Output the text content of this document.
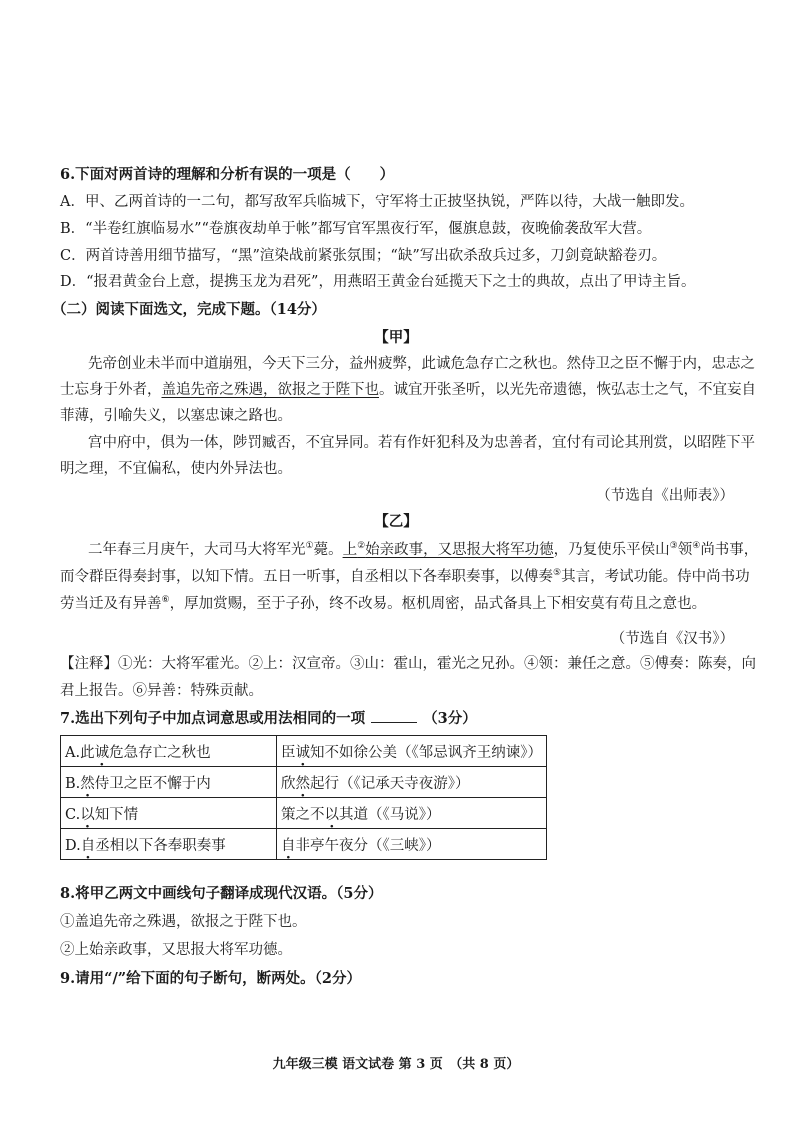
6.下面对两首诗的理解和分析有误的一项是（　　）
A．甲、乙两首诗的一二句，都写敌军兵临城下，守军将士正披坚执锐，严阵以待，大战一触即发。
B．“半卷红旗临易水”“卷旗夜劫单于帐”都写官军黑夜行军，偃旗息鼓，夜晚偷袭敌军大营。
C．两首诗善用细节描写，“黑”渲染战前紧张氛围；“缺”写出砍杀敌兵过多，刀剑竟缺豁卷刃。
D．“报君黄金台上意，提携玉龙为君死”，用燕昭王黄金台延揽天下之士的典故，点出了甲诗主旨。
（二）阅读下面选文，完成下题。（14分）
【甲】
先帝创业未半而中道崩殂，今天下三分，益州疲弊，此诚危急存亡之秋也。然侍卫之臣不懈于内，忠志之
士忘身于外者，盖追先帝之殊遇，欲报之于陛下也。诚宜开张圣听，以光先帝遗德，恢弘志士之气，不宜妄自
菲薄，引喻失义，以塞忠谏之路也。
宫中府中，俱为一体，陟罚臧否，不宜异同。若有作奸犯科及为忠善者，宜付有司论其刑赏，以昭陛下平
明之理，不宜偏私，使内外异法也。
（节选自《出师表》）
【乙】
二年春三月庚午，大司马大将军光①薨。上②始亲政事，又思报大将军功德，乃复使乐平侯山③领④尚书事，
而令群臣得奏封事，以知下情。五日一听事，自丞相以下各奉职奏事，以傅奏⑤其言，考试功能。侍中尚书功
劳当迁及有异善⑥，厚加赏赐，至于子孙，终不改易。枢机周密，品式备具上下相安莫有苟且之意也。
（节选自《汉书》）
【注释】①光：大将军霍光。②上：汉宣帝。③山：霍山，霍光之兄孙。④领：兼任之意。⑤傅奏：陈奏，向
君上报告。⑥异善：特殊贡献。
7.选出下列句子中加点词意思或用法相同的一项	（3分）
A.此诚危急存亡之秋也	臣诚知不如徐公美（《邹忌讽齐王纳谏》）
B.然侍卫之臣不懈于内	欣然起行（《记承天寺夜游》）
C.以知下情	策之不以其道（《马说》）
D.自丞相以下各奉职奏事	自非亭午夜分（《三峡》）
8.将甲乙两文中画线句子翻译成现代汉语。（5分）
①盖追先帝之殊遇，欲报之于陛下也。
②上始亲政事，又思报大将军功德。
9.请用“/”给下面的句子断句，断两处。（2分）
九年级三模 语文试卷 第 3 页　（共 8 页）
